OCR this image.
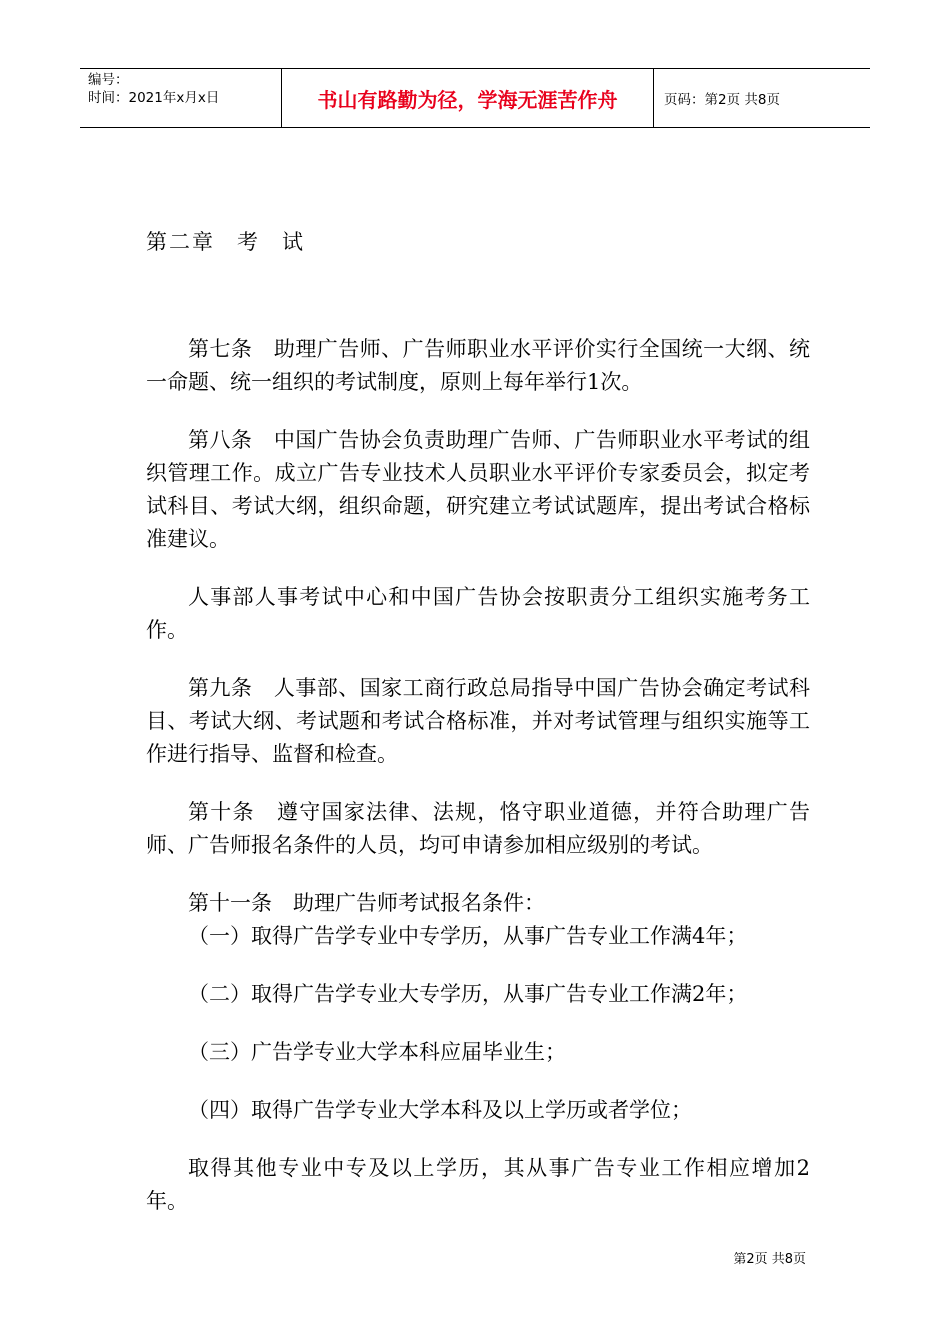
编号：
时间：2021年x月x日	书山有路勤为径，学海无涯苦作舟	页码：第2页 共8页

第二章 考 试

第七条　助理广告师、广告师职业水平评价实行全国统一大纲、统一命题、统一组织的考试制度，原则上每年举行1次。

第八条　中国广告协会负责助理广告师、广告师职业水平考试的组织管理工作。成立广告专业技术人员职业水平评价专家委员会，拟定考试科目、考试大纲，组织命题，研究建立考试试题库，提出考试合格标准建议。

人事部人事考试中心和中国广告协会按职责分工组织实施考务工作。

第九条　人事部、国家工商行政总局指导中国广告协会确定考试科目、考试大纲、考试题和考试合格标准，并对考试管理与组织实施等工作进行指导、监督和检查。

第十条　遵守国家法律、法规，恪守职业道德，并符合助理广告师、广告师报名条件的人员，均可申请参加相应级别的考试。

第十一条　助理广告师考试报名条件：

（一）取得广告学专业中专学历，从事广告专业工作满4年；

（二）取得广告学专业大专学历，从事广告专业工作满2年；

（三）广告学专业大学本科应届毕业生；

（四）取得广告学专业大学本科及以上学历或者学位；

取得其他专业中专及以上学历，其从事广告专业工作相应增加2年。

第2页 共8页
